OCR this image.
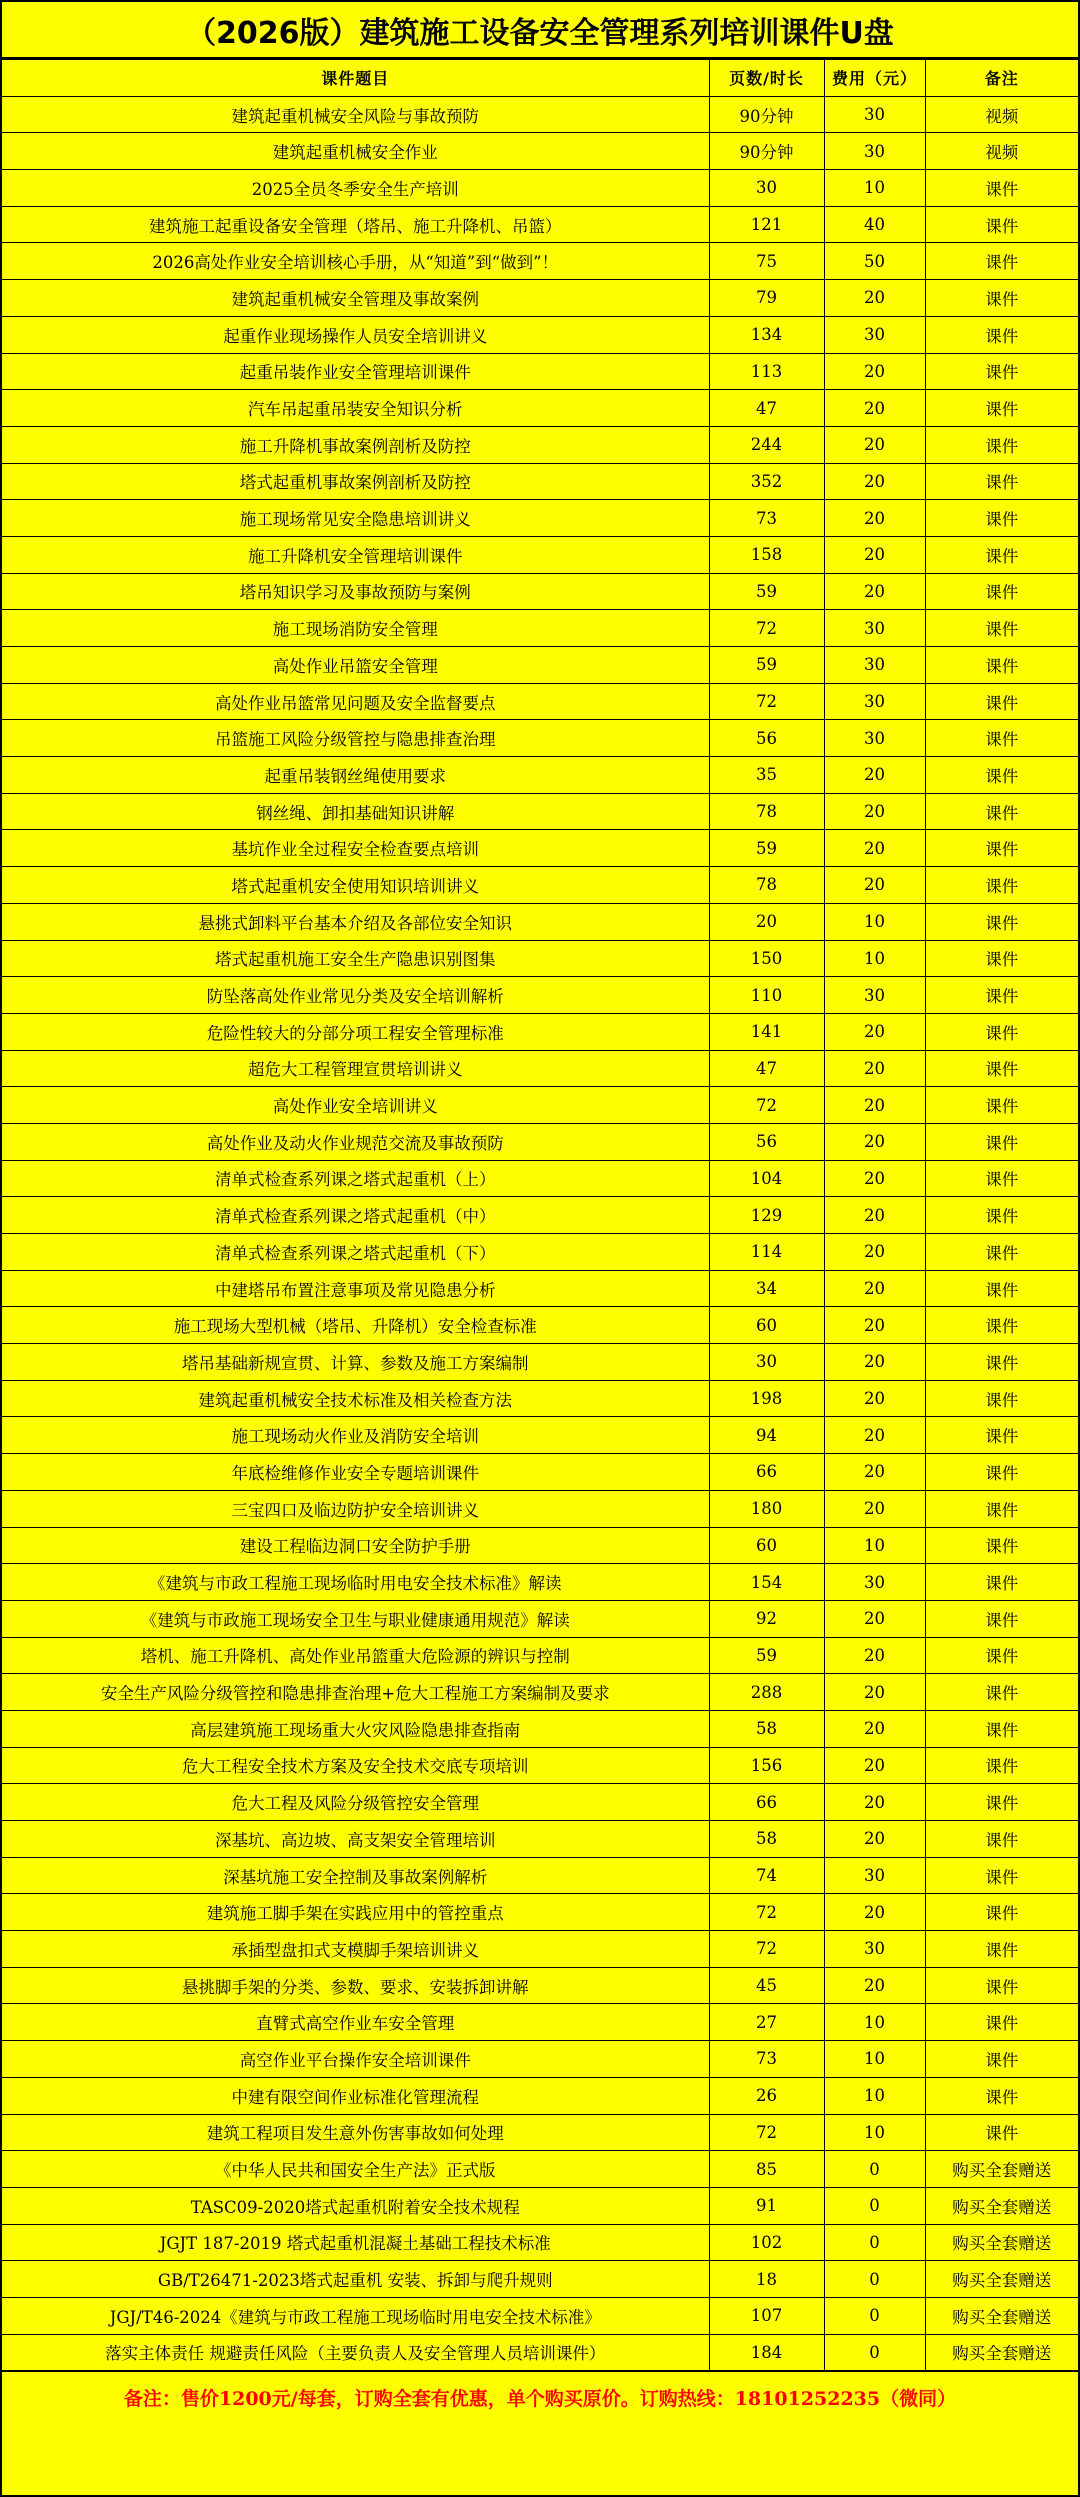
（2026版）建筑施工设备安全管理系列培训课件U盘
课件题目	页数/时长	费用（元）	备注
建筑起重机械安全风险与事故预防	90分钟	30	视频
建筑起重机械安全作业	90分钟	30	视频
2025全员冬季安全生产培训	30	10	课件
建筑施工起重设备安全管理（塔吊、施工升降机、吊篮）	121	40	课件
2026高处作业安全培训核心手册，从“知道”到“做到”！	75	50	课件
建筑起重机械安全管理及事故案例	79	20	课件
起重作业现场操作人员安全培训讲义	134	30	课件
起重吊装作业安全管理培训课件	113	20	课件
汽车吊起重吊装安全知识分析	47	20	课件
施工升降机事故案例剖析及防控	244	20	课件
塔式起重机事故案例剖析及防控	352	20	课件
施工现场常见安全隐患培训讲义	73	20	课件
施工升降机安全管理培训课件	158	20	课件
塔吊知识学习及事故预防与案例	59	20	课件
施工现场消防安全管理	72	30	课件
高处作业吊篮安全管理	59	30	课件
高处作业吊篮常见问题及安全监督要点	72	30	课件
吊篮施工风险分级管控与隐患排查治理	56	30	课件
起重吊装钢丝绳使用要求	35	20	课件
钢丝绳、卸扣基础知识讲解	78	20	课件
基坑作业全过程安全检查要点培训	59	20	课件
塔式起重机安全使用知识培训讲义	78	20	课件
悬挑式卸料平台基本介绍及各部位安全知识	20	10	课件
塔式起重机施工安全生产隐患识别图集	150	10	课件
防坠落高处作业常见分类及安全培训解析	110	30	课件
危险性较大的分部分项工程安全管理标准	141	20	课件
超危大工程管理宣贯培训讲义	47	20	课件
高处作业安全培训讲义	72	20	课件
高处作业及动火作业规范交流及事故预防	56	20	课件
清单式检查系列课之塔式起重机（上）	104	20	课件
清单式检查系列课之塔式起重机（中）	129	20	课件
清单式检查系列课之塔式起重机（下）	114	20	课件
中建塔吊布置注意事项及常见隐患分析	34	20	课件
施工现场大型机械（塔吊、升降机）安全检查标准	60	20	课件
塔吊基础新规宣贯、计算、参数及施工方案编制	30	20	课件
建筑起重机械安全技术标准及相关检查方法	198	20	课件
施工现场动火作业及消防安全培训	94	20	课件
年底检维修作业安全专题培训课件	66	20	课件
三宝四口及临边防护安全培训讲义	180	20	课件
建设工程临边洞口安全防护手册	60	10	课件
《建筑与市政工程施工现场临时用电安全技术标准》解读	154	30	课件
《建筑与市政施工现场安全卫生与职业健康通用规范》解读	92	20	课件
塔机、施工升降机、高处作业吊篮重大危险源的辨识与控制	59	20	课件
安全生产风险分级管控和隐患排查治理+危大工程施工方案编制及要求	288	20	课件
高层建筑施工现场重大火灾风险隐患排查指南	58	20	课件
危大工程安全技术方案及安全技术交底专项培训	156	20	课件
危大工程及风险分级管控安全管理	66	20	课件
深基坑、高边坡、高支架安全管理培训	58	20	课件
深基坑施工安全控制及事故案例解析	74	30	课件
建筑施工脚手架在实践应用中的管控重点	72	20	课件
承插型盘扣式支模脚手架培训讲义	72	30	课件
悬挑脚手架的分类、参数、要求、安装拆卸讲解	45	20	课件
直臂式高空作业车安全管理	27	10	课件
高空作业平台操作安全培训课件	73	10	课件
中建有限空间作业标准化管理流程	26	10	课件
建筑工程项目发生意外伤害事故如何处理	72	10	课件
《中华人民共和国安全生产法》正式版	85	0	购买全套赠送
TASC09-2020塔式起重机附着安全技术规程	91	0	购买全套赠送
JGJT 187-2019 塔式起重机混凝土基础工程技术标准	102	0	购买全套赠送
GB/T26471-2023塔式起重机 安装、拆卸与爬升规则	18	0	购买全套赠送
JGJ/T46-2024《建筑与市政工程施工现场临时用电安全技术标准》	107	0	购买全套赠送
落实主体责任 规避责任风险（主要负责人及安全管理人员培训课件）	184	0	购买全套赠送
备注：售价1200元/每套，订购全套有优惠，单个购买原价。订购热线：18101252235（微同）
